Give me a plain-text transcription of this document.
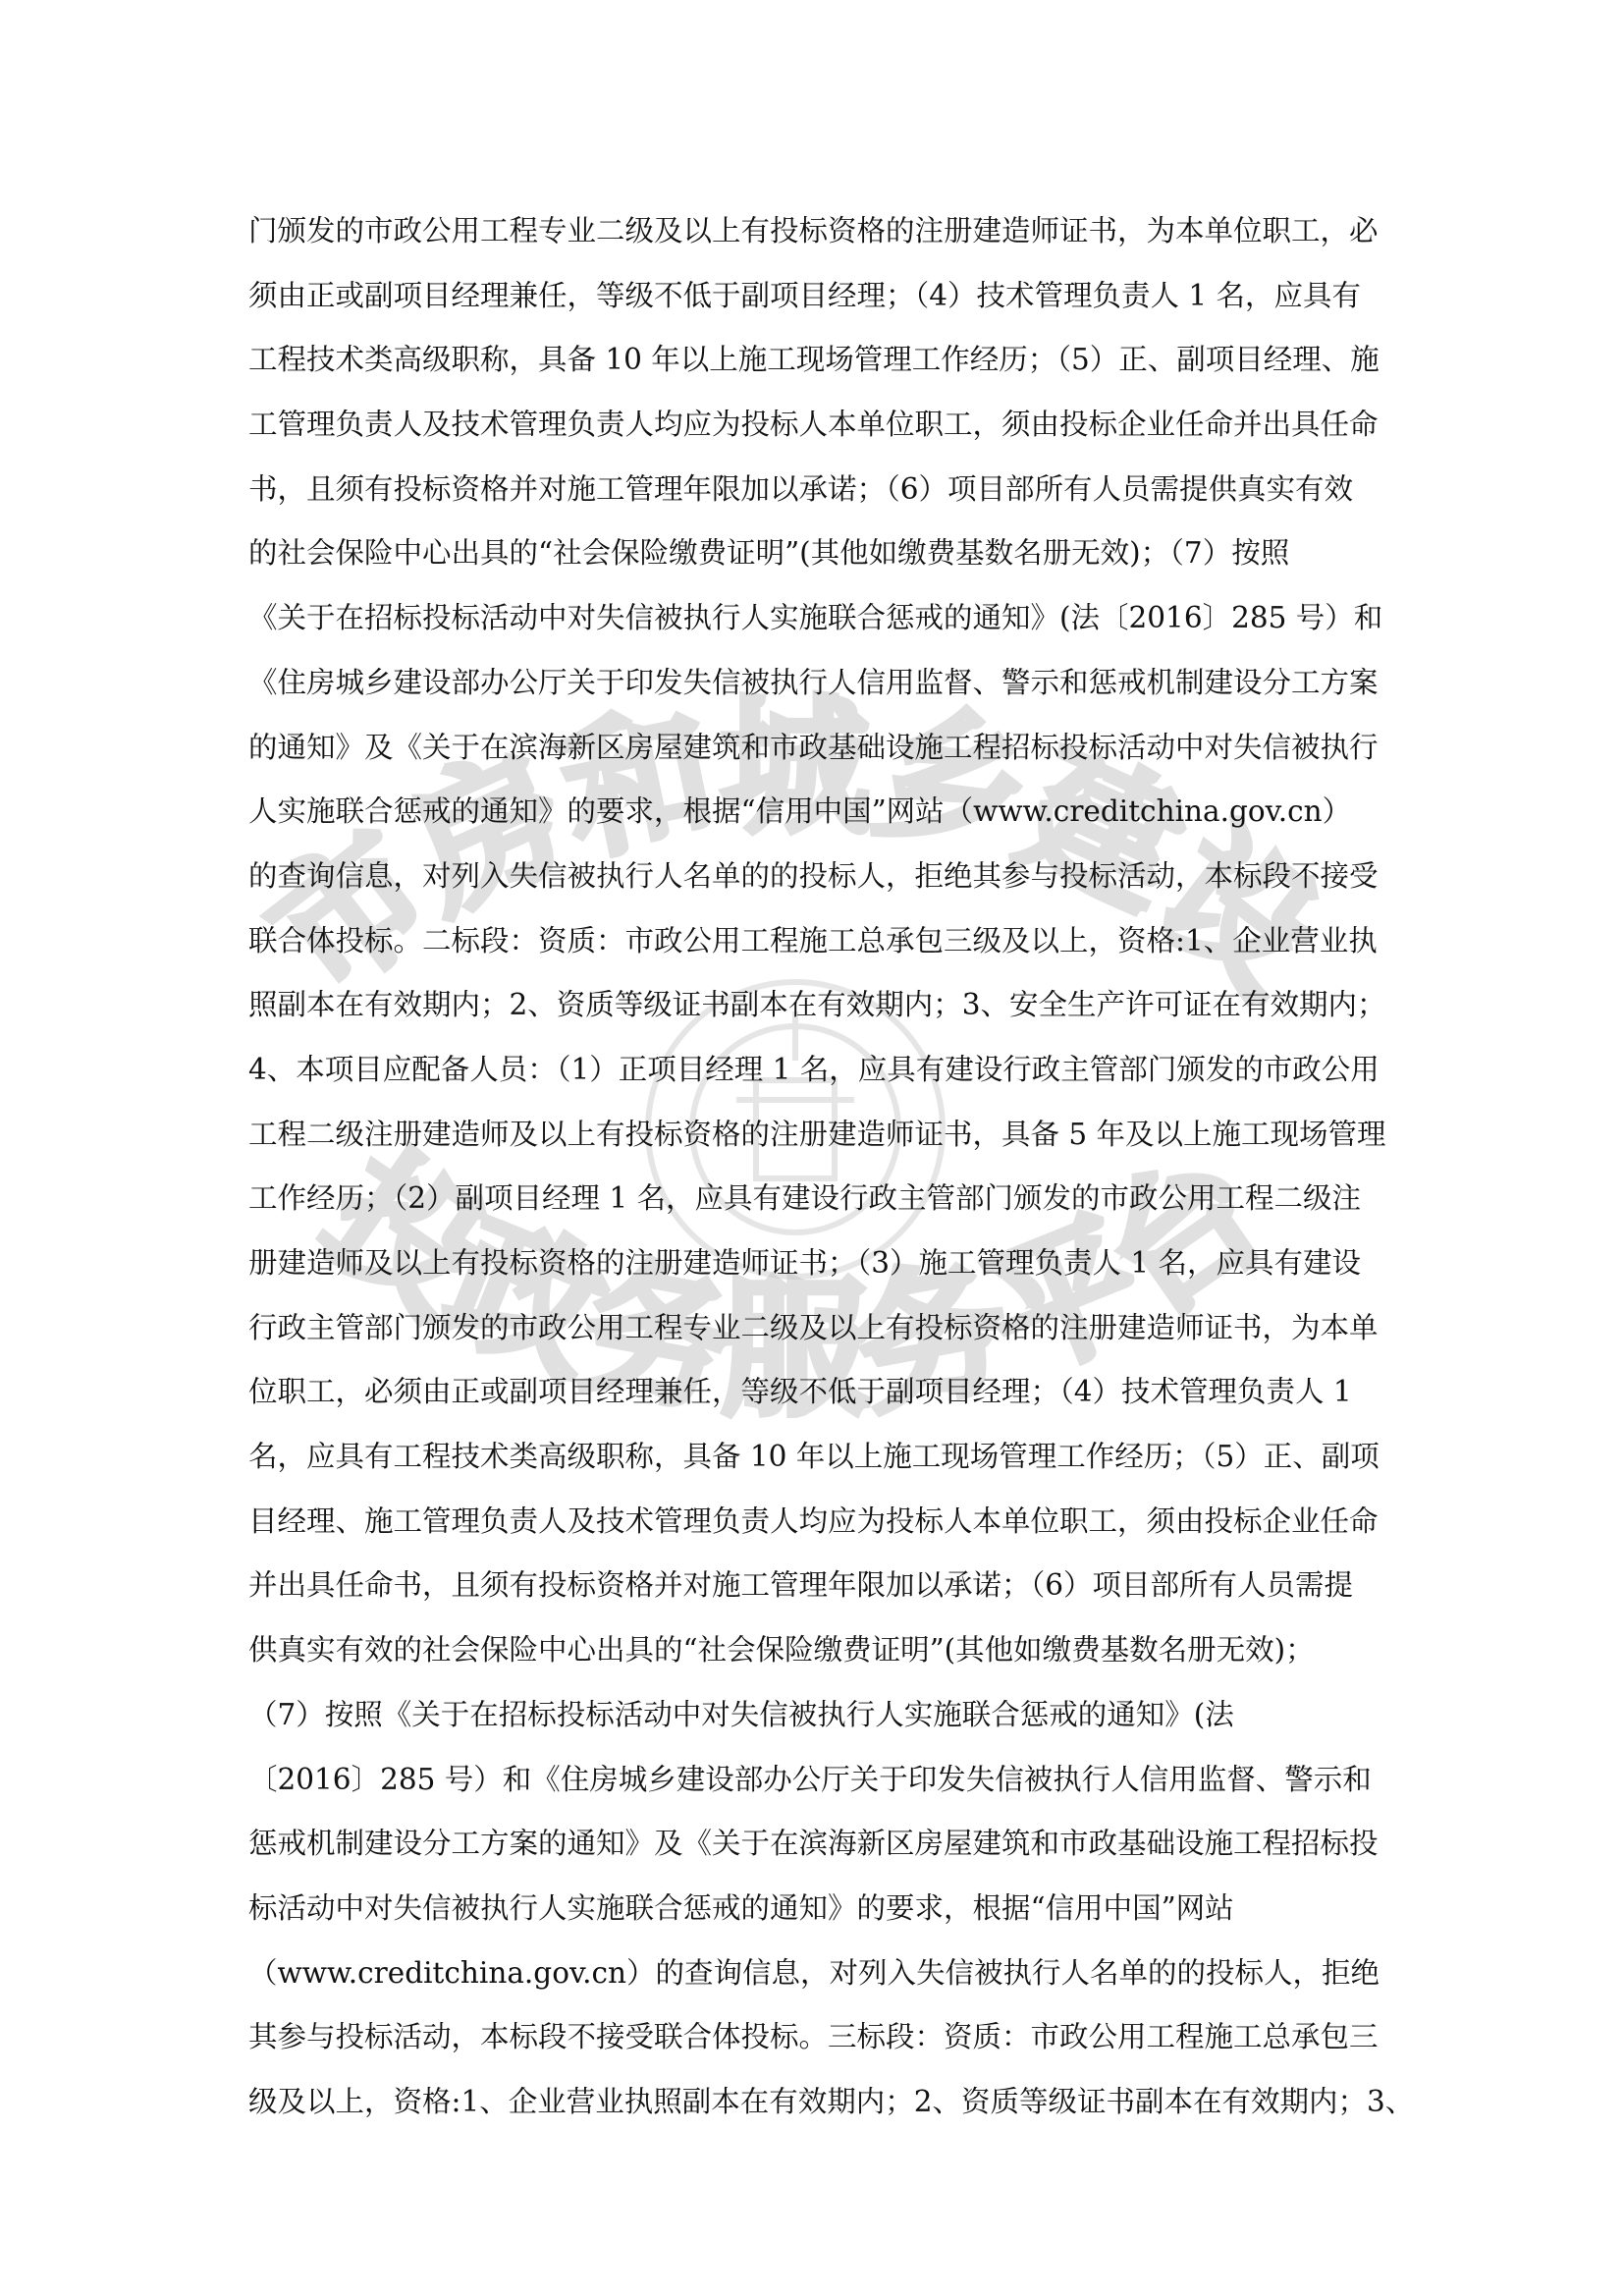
市房和城乡建设
投政务服务平台
门颁发的市政公用工程专业二级及以上有投标资格的注册建造师证书，为本单位职工，必
须由正或副项目经理兼任，等级不低于副项目经理；（4）技术管理负责人 1 名，应具有
工程技术类高级职称，具备 10 年以上施工现场管理工作经历；（5）正、副项目经理、施
工管理负责人及技术管理负责人均应为投标人本单位职工，须由投标企业任命并出具任命
书，且须有投标资格并对施工管理年限加以承诺；（6）项目部所有人员需提供真实有效
的社会保险中心出具的“社会保险缴费证明”(其他如缴费基数名册无效)；（7）按照
《关于在招标投标活动中对失信被执行人实施联合惩戒的通知》(法〔2016〕285 号）和
《住房城乡建设部办公厅关于印发失信被执行人信用监督、警示和惩戒机制建设分工方案
的通知》及《关于在滨海新区房屋建筑和市政基础设施工程招标投标活动中对失信被执行
人实施联合惩戒的通知》的要求，根据“信用中国”网站（www.creditchina.gov.cn）
的查询信息，对列入失信被执行人名单的的投标人，拒绝其参与投标活动，本标段不接受
联合体投标。二标段：资质：市政公用工程施工总承包三级及以上，资格:1、企业营业执
照副本在有效期内；2、资质等级证书副本在有效期内；3、安全生产许可证在有效期内；
4、本项目应配备人员：（1）正项目经理 1 名，应具有建设行政主管部门颁发的市政公用
工程二级注册建造师及以上有投标资格的注册建造师证书，具备 5 年及以上施工现场管理
工作经历；（2）副项目经理 1 名，应具有建设行政主管部门颁发的市政公用工程二级注
册建造师及以上有投标资格的注册建造师证书；（3）施工管理负责人 1 名，应具有建设
行政主管部门颁发的市政公用工程专业二级及以上有投标资格的注册建造师证书，为本单
位职工，必须由正或副项目经理兼任，等级不低于副项目经理；（4）技术管理负责人 1
名，应具有工程技术类高级职称，具备 10 年以上施工现场管理工作经历；（5）正、副项
目经理、施工管理负责人及技术管理负责人均应为投标人本单位职工，须由投标企业任命
并出具任命书，且须有投标资格并对施工管理年限加以承诺；（6）项目部所有人员需提
供真实有效的社会保险中心出具的“社会保险缴费证明”(其他如缴费基数名册无效)；
（7）按照《关于在招标投标活动中对失信被执行人实施联合惩戒的通知》(法
〔2016〕285 号）和《住房城乡建设部办公厅关于印发失信被执行人信用监督、警示和
惩戒机制建设分工方案的通知》及《关于在滨海新区房屋建筑和市政基础设施工程招标投
标活动中对失信被执行人实施联合惩戒的通知》的要求，根据“信用中国”网站
（www.creditchina.gov.cn）的查询信息，对列入失信被执行人名单的的投标人，拒绝
其参与投标活动，本标段不接受联合体投标。三标段：资质：市政公用工程施工总承包三
级及以上，资格:1、企业营业执照副本在有效期内；2、资质等级证书副本在有效期内；3、
